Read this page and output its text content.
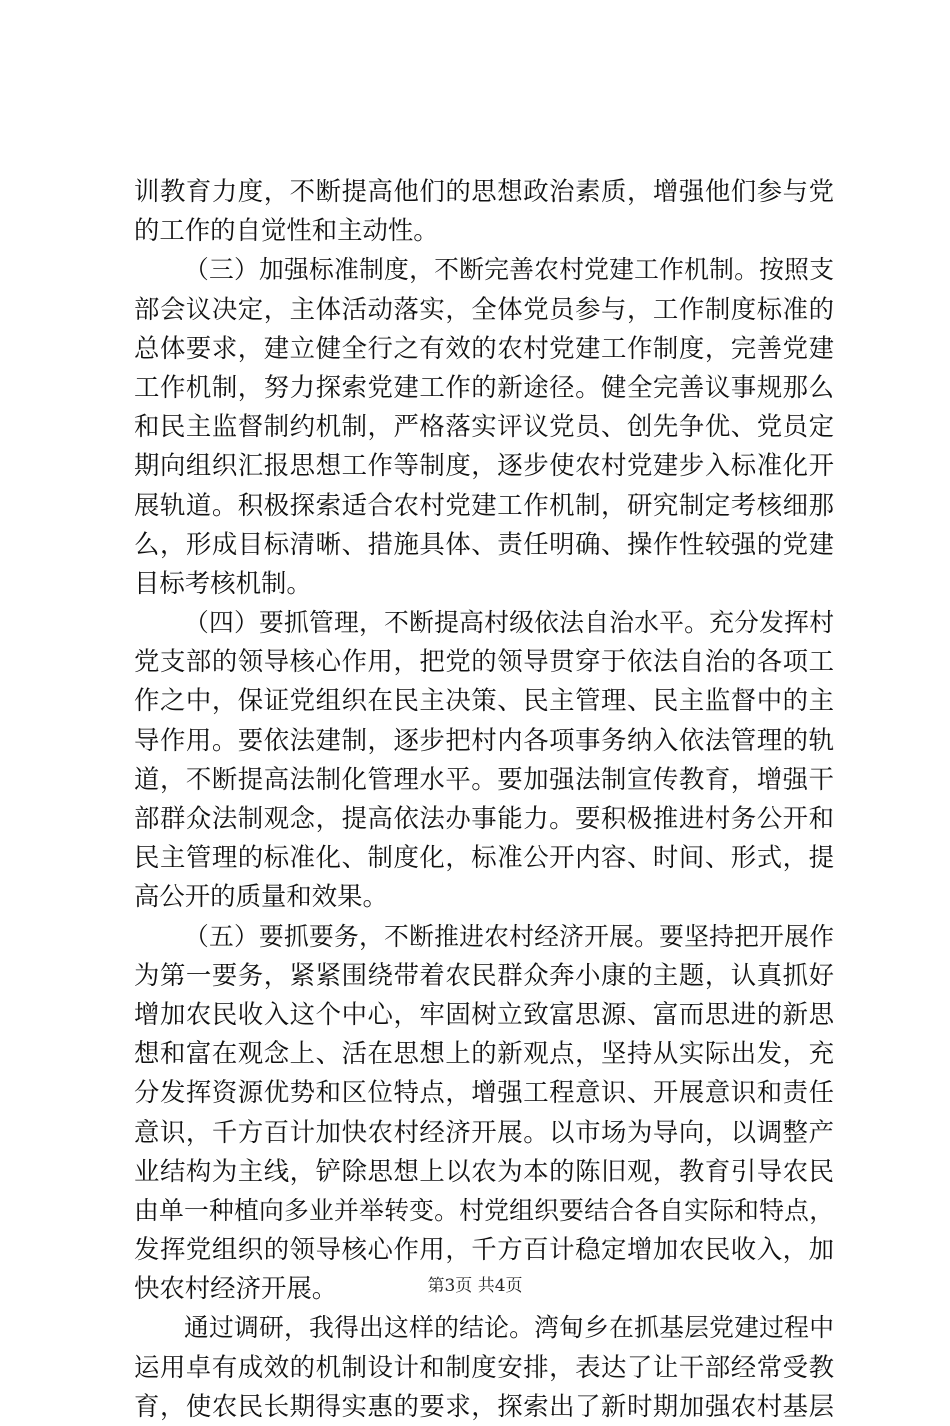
训教育力度，不断提高他们的思想政治素质，增强他们参与党
的工作的自觉性和主动性。
（三）加强标准制度，不断完善农村党建工作机制。按照支
部会议决定，主体活动落实，全体党员参与，工作制度标准的
总体要求，建立健全行之有效的农村党建工作制度，完善党建
工作机制，努力探索党建工作的新途径。健全完善议事规那么
和民主监督制约机制，严格落实评议党员、创先争优、党员定
期向组织汇报思想工作等制度，逐步使农村党建步入标准化开
展轨道。积极探索适合农村党建工作机制，研究制定考核细那
么，形成目标清晰、措施具体、责任明确、操作性较强的党建
目标考核机制。
（四）要抓管理，不断提高村级依法自治水平。充分发挥村
党支部的领导核心作用，把党的领导贯穿于依法自治的各项工
作之中，保证党组织在民主决策、民主管理、民主监督中的主
导作用。要依法建制，逐步把村内各项事务纳入依法管理的轨
道，不断提高法制化管理水平。要加强法制宣传教育，增强干
部群众法制观念，提高依法办事能力。要积极推进村务公开和
民主管理的标准化、制度化，标准公开内容、时间、形式，提
高公开的质量和效果。
（五）要抓要务，不断推进农村经济开展。要坚持把开展作
为第一要务，紧紧围绕带着农民群众奔小康的主题，认真抓好
增加农民收入这个中心，牢固树立致富思源、富而思进的新思
想和富在观念上、活在思想上的新观点，坚持从实际出发，充
分发挥资源优势和区位特点，增强工程意识、开展意识和责任
意识，千方百计加快农村经济开展。以市场为导向，以调整产
业结构为主线，铲除思想上以农为本的陈旧观，教育引导农民
由单一种植向多业并举转变。村党组织要结合各自实际和特点，
发挥党组织的领导核心作用，千方百计稳定增加农民收入，加
快农村经济开展。
通过调研，我得出这样的结论。湾甸乡在抓基层党建过程中
运用卓有成效的机制设计和制度安排，表达了让干部经常受教
育，使农民长期得实惠的要求，探索出了新时期加强农村基层
第3页 共4页
